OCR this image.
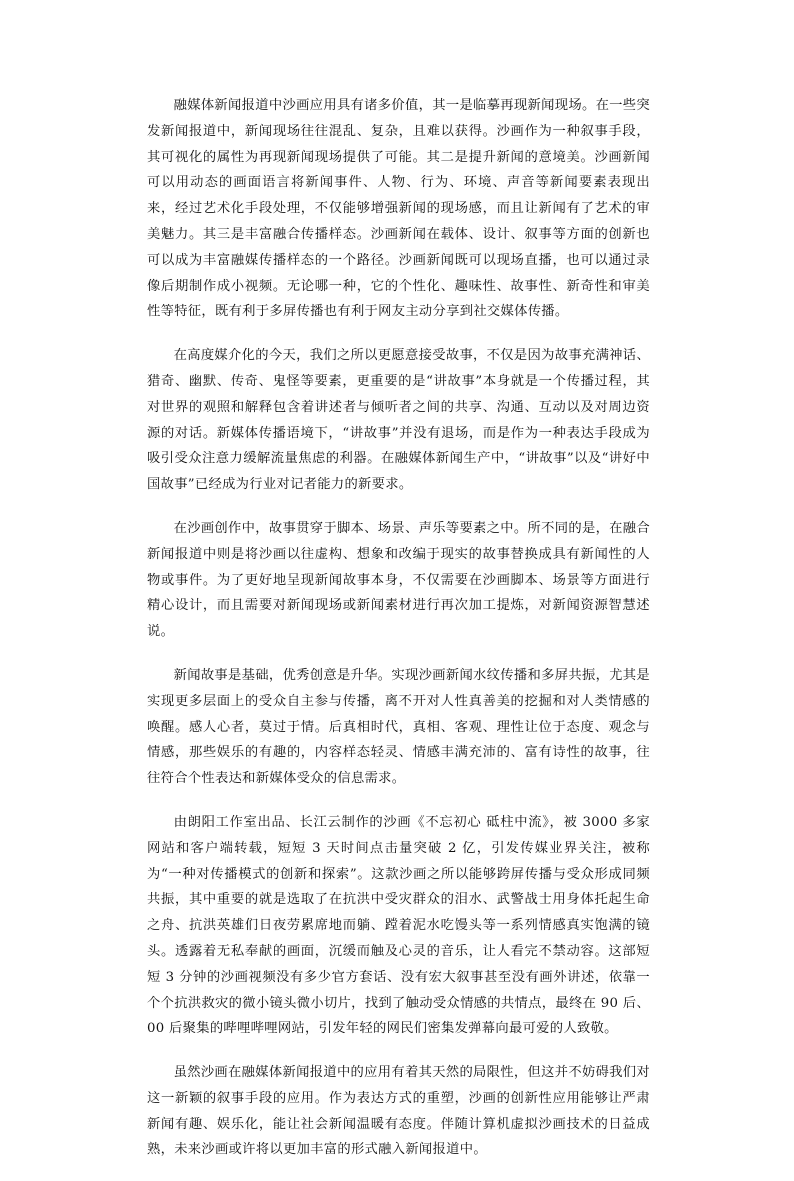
融媒体新闻报道中沙画应用具有诸多价值，其一是临摹再现新闻现场。在一些突发新闻报道中，新闻现场往往混乱、复杂，且难以获得。沙画作为一种叙事手段，其可视化的属性为再现新闻现场提供了可能。其二是提升新闻的意境美。沙画新闻可以用动态的画面语言将新闻事件、人物、行为、环境、声音等新闻要素表现出来，经过艺术化手段处理，不仅能够增强新闻的现场感，而且让新闻有了艺术的审美魅力。其三是丰富融合传播样态。沙画新闻在载体、设计、叙事等方面的创新也可以成为丰富融媒传播样态的一个路径。沙画新闻既可以现场直播，也可以通过录像后期制作成小视频。无论哪一种，它的个性化、趣味性、故事性、新奇性和审美性等特征，既有利于多屏传播也有利于网友主动分享到社交媒体传播。

在高度媒介化的今天，我们之所以更愿意接受故事，不仅是因为故事充满神话、猎奇、幽默、传奇、鬼怪等要素，更重要的是“讲故事”本身就是一个传播过程，其对世界的观照和解释包含着讲述者与倾听者之间的共享、沟通、互动以及对周边资源的对话。新媒体传播语境下，“讲故事”并没有退场，而是作为一种表达手段成为吸引受众注意力缓解流量焦虑的利器。在融媒体新闻生产中，“讲故事”以及“讲好中国故事”已经成为行业对记者能力的新要求。

在沙画创作中，故事贯穿于脚本、场景、声乐等要素之中。所不同的是，在融合新闻报道中则是将沙画以往虚构、想象和改编于现实的故事替换成具有新闻性的人物或事件。为了更好地呈现新闻故事本身，不仅需要在沙画脚本、场景等方面进行精心设计，而且需要对新闻现场或新闻素材进行再次加工提炼，对新闻资源智慧述说。

新闻故事是基础，优秀创意是升华。实现沙画新闻水纹传播和多屏共振，尤其是实现更多层面上的受众自主参与传播，离不开对人性真善美的挖掘和对人类情感的唤醒。感人心者，莫过于情。后真相时代，真相、客观、理性让位于态度、观念与情感，那些娱乐的有趣的，内容样态轻灵、情感丰满充沛的、富有诗性的故事，往往符合个性表达和新媒体受众的信息需求。

由朗阳工作室出品、长江云制作的沙画《不忘初心 砥柱中流》，被 3000 多家网站和客户端转载，短短 3 天时间点击量突破 2 亿，引发传媒业界关注，被称为“一种对传播模式的创新和探索”。这款沙画之所以能够跨屏传播与受众形成同频共振，其中重要的就是选取了在抗洪中受灾群众的泪水、武警战士用身体托起生命之舟、抗洪英雄们日夜劳累席地而躺、蹚着泥水吃馒头等一系列情感真实饱满的镜头。透露着无私奉献的画面，沉缓而触及心灵的音乐，让人看完不禁动容。这部短短 3 分钟的沙画视频没有多少官方套话、没有宏大叙事甚至没有画外讲述，依靠一个个抗洪救灾的微小镜头微小切片，找到了触动受众情感的共情点，最终在 90 后、00 后聚集的哔哩哔哩网站，引发年轻的网民们密集发弹幕向最可爱的人致敬。

虽然沙画在融媒体新闻报道中的应用有着其天然的局限性，但这并不妨碍我们对这一新颖的叙事手段的应用。作为表达方式的重塑，沙画的创新性应用能够让严肃新闻有趣、娱乐化，能让社会新闻温暖有态度。伴随计算机虚拟沙画技术的日益成熟，未来沙画或许将以更加丰富的形式融入新闻报道中。
